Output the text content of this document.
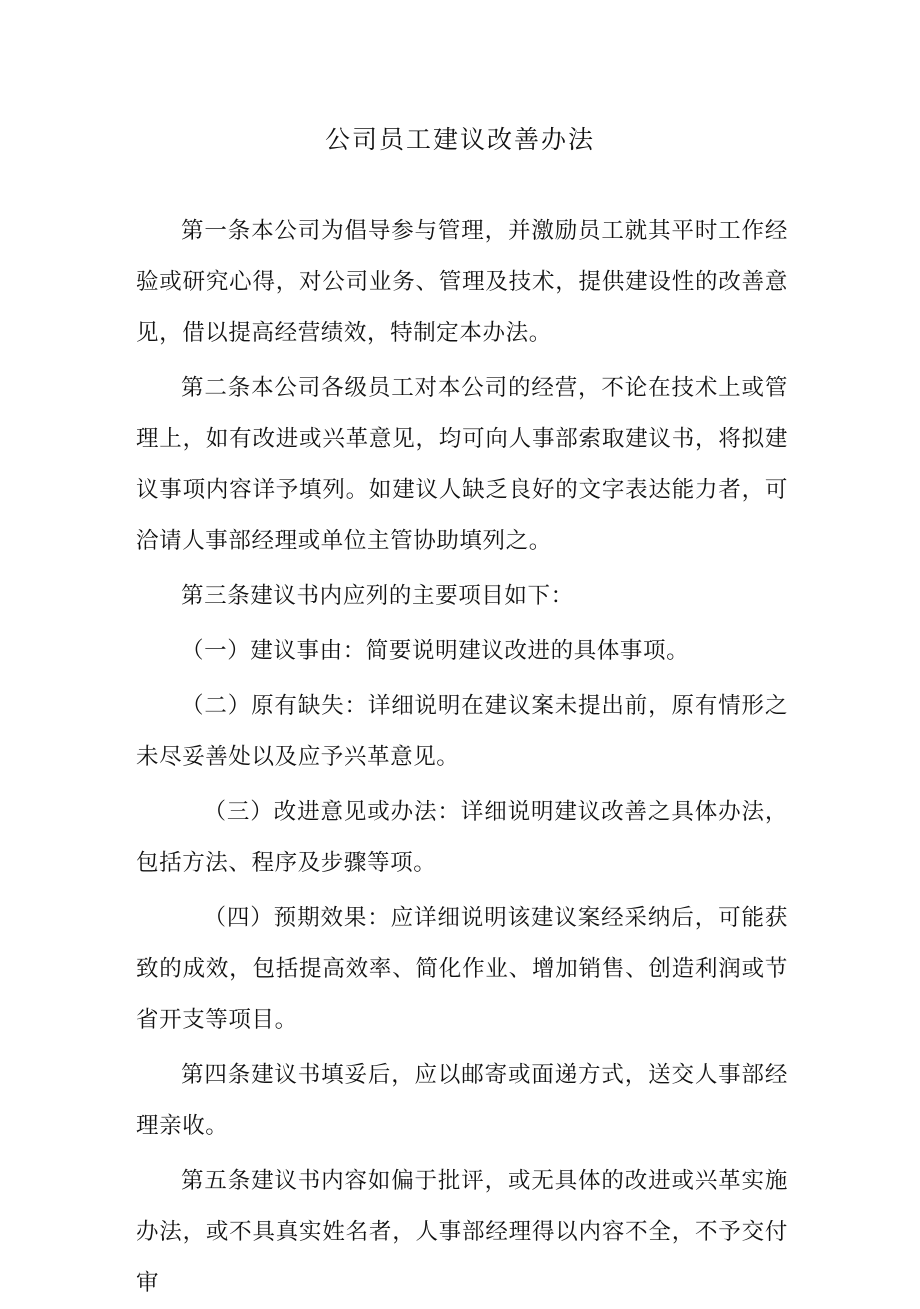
公司员工建议改善办法

第一条本公司为倡导参与管理，并激励员工就其平时工作经验或研究心得，对公司业务、管理及技术，提供建设性的改善意见，借以提高经营绩效，特制定本办法。

第二条本公司各级员工对本公司的经营，不论在技术上或管理上，如有改进或兴革意见，均可向人事部索取建议书，将拟建议事项内容详予填列。如建议人缺乏良好的文字表达能力者，可洽请人事部经理或单位主管协助填列之。

第三条建议书内应列的主要项目如下：

（一）建议事由：简要说明建议改进的具体事项。

（二）原有缺失：详细说明在建议案未提出前，原有情形之未尽妥善处以及应予兴革意见。

（三）改进意见或办法：详细说明建议改善之具体办法，包括方法、程序及步骤等项。

（四）预期效果：应详细说明该建议案经采纳后，可能获致的成效，包括提高效率、简化作业、增加销售、创造利润或节省开支等项目。

第四条建议书填妥后，应以邮寄或面递方式，送交人事部经理亲收。

第五条建议书内容如偏于批评，或无具体的改进或兴革实施办法，或不具真实姓名者，人事部经理得以内容不全，不予交付审
